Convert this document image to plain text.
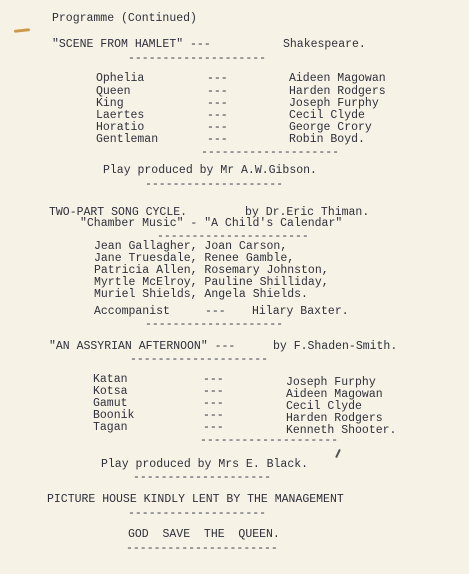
Programme (Continued)
"SCENE FROM HAMLET" ---	Shakespeare.
--------------------
Ophelia	---	Aideen Magowan
Queen	---	Harden Rodgers
King	---	Joseph Furphy
Laertes	---	Cecil Clyde
Horatio	---	George Crory
Gentleman	---	Robin Boyd.
--------------------
Play produced by Mr A.W.Gibson.
--------------------
TWO-PART SONG CYCLE.	by Dr.Eric Thiman.
"Chamber Music" - "A Child's Calendar"
----------------------
Jean Gallagher, Joan Carson,
Jane Truesdale, Renee Gamble,
Patricia Allen, Rosemary Johnston,
Myrtle McElroy, Pauline Shilliday,
Muriel Shields, Angela Shields.
Accompanist	--- Hilary Baxter.
--------------------
"AN ASSYRIAN AFTERNOON" ---	by F.Shaden-Smith.
--------------------
Katan	---	Joseph Furphy
Kotsa	---	Aideen Magowan
Gamut	---	Cecil Clyde
Boonik	---	Harden Rodgers
Tagan	---	Kenneth Shooter.
--------------------
Play produced by Mrs E. Black.
--------------------
PICTURE HOUSE KINDLY LENT BY THE MANAGEMENT
--------------------
GOD  SAVE  THE  QUEEN.
----------------------
